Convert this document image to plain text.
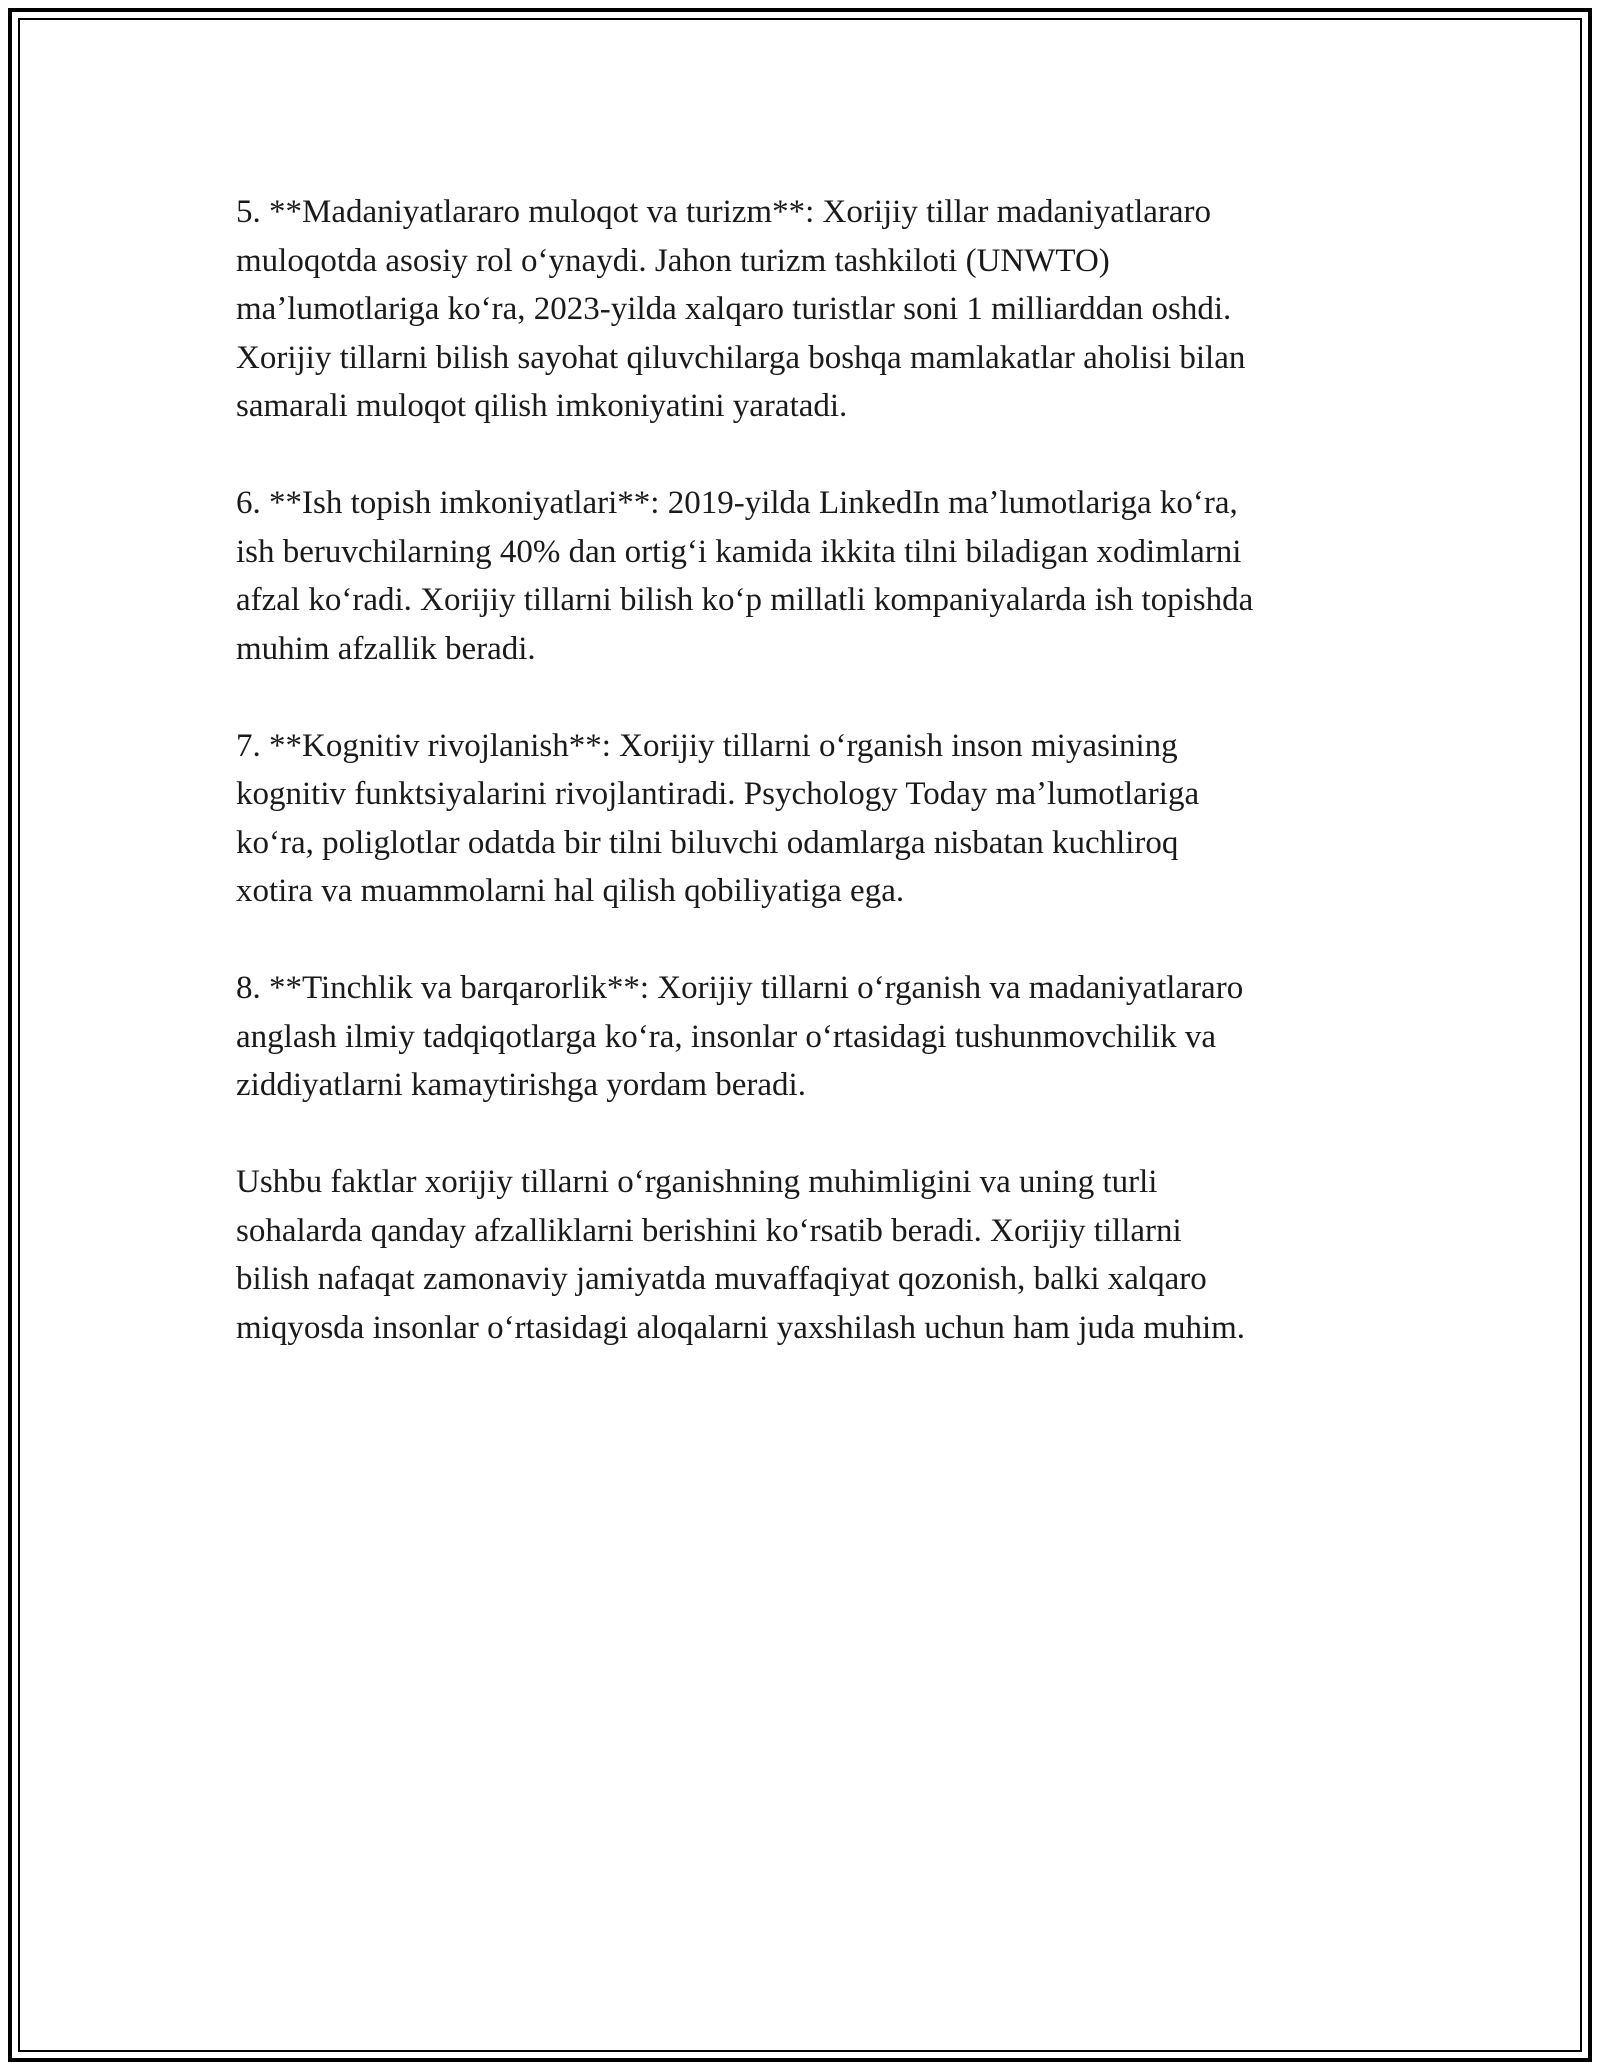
5. **Madaniyatlararo muloqot va turizm**: Xorijiy tillar madaniyatlararo
muloqotda asosiy rol oʻynaydi. Jahon turizm tashkiloti (UNWTO)
maʼlumotlariga koʻra, 2023-yilda xalqaro turistlar soni 1 milliarddan oshdi.
Xorijiy tillarni bilish sayohat qiluvchilarga boshqa mamlakatlar aholisi bilan
samarali muloqot qilish imkoniyatini yaratadi.

6. **Ish topish imkoniyatlari**: 2019-yilda LinkedIn maʼlumotlariga koʻra,
ish beruvchilarning 40% dan ortigʻi kamida ikkita tilni biladigan xodimlarni
afzal koʻradi. Xorijiy tillarni bilish koʻp millatli kompaniyalarda ish topishda
muhim afzallik beradi.

7. **Kognitiv rivojlanish**: Xorijiy tillarni oʻrganish inson miyasining
kognitiv funktsiyalarini rivojlantiradi. Psychology Today maʼlumotlariga
koʻra, poliglotlar odatda bir tilni biluvchi odamlarga nisbatan kuchliroq
xotira va muammolarni hal qilish qobiliyatiga ega.

8. **Tinchlik va barqarorlik**: Xorijiy tillarni oʻrganish va madaniyatlararo
anglash ilmiy tadqiqotlarga koʻra, insonlar oʻrtasidagi tushunmovchilik va
ziddiyatlarni kamaytirishga yordam beradi.

Ushbu faktlar xorijiy tillarni oʻrganishning muhimligini va uning turli
sohalarda qanday afzalliklarni berishini koʻrsatib beradi. Xorijiy tillarni
bilish nafaqat zamonaviy jamiyatda muvaffaqiyat qozonish, balki xalqaro
miqyosda insonlar oʻrtasidagi aloqalarni yaxshilash uchun ham juda muhim.
